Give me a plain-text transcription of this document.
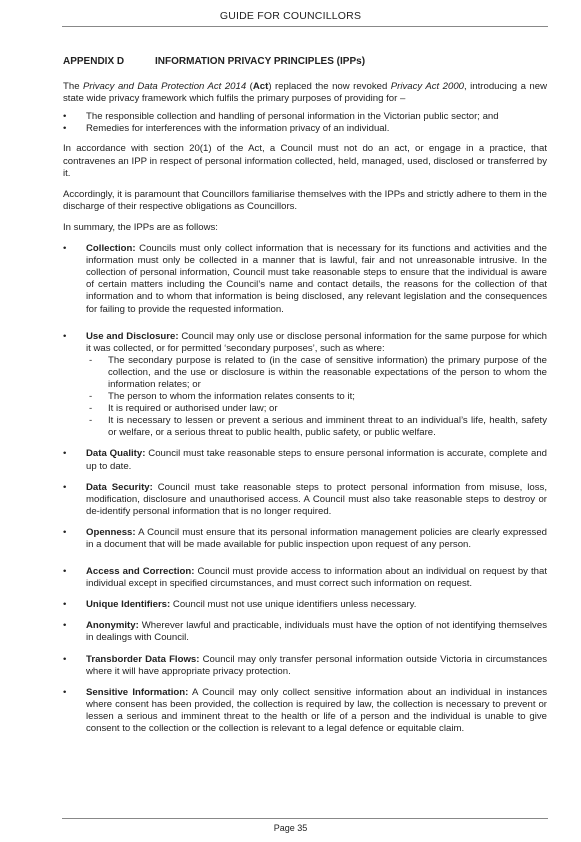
GUIDE FOR COUNCILLORS
APPENDIX D	INFORMATION PRIVACY PRINCIPLES (IPPs)

The Privacy and Data Protection Act 2014 (Act) replaced the now revoked Privacy Act 2000, introducing a new state wide privacy framework which fulfils the primary purposes of providing for –

• The responsible collection and handling of personal information in the Victorian public sector; and
• Remedies for interferences with the information privacy of an individual.

In accordance with section 20(1) of the Act, a Council must not do an act, or engage in a practice, that contravenes an IPP in respect of personal information collected, held, managed, used, disclosed or transferred by it.

Accordingly, it is paramount that Councillors familiarise themselves with the IPPs and strictly adhere to them in the discharge of their respective obligations as Councillors.

In summary, the IPPs are as follows:

• Collection: Councils must only collect information that is necessary for its functions and activities and the information must only be collected in a manner that is lawful, fair and not unreasonable intrusive. In the collection of personal information, Council must take reasonable steps to ensure that the individual is aware of certain matters including the Council’s name and contact details, the reasons for the collection of that information and to whom that information is being disclosed, any relevant legislation and the consequences for failing to provide the requested information.
• Use and Disclosure: Council may only use or disclose personal information for the same purpose for which it was collected, or for permitted ‘secondary purposes’, such as where:
- The secondary purpose is related to (in the case of sensitive information) the primary purpose of the collection, and the use or disclosure is within the reasonable expectations of the person to whom the information relates; or
- The person to whom the information relates consents to it;
- It is required or authorised under law; or
- It is necessary to lessen or prevent a serious and imminent threat to an individual’s life, health, safety or welfare, or a serious threat to public health, public safety, or public welfare.
• Data Quality: Council must take reasonable steps to ensure personal information is accurate, complete and up to date.
• Data Security: Council must take reasonable steps to protect personal information from misuse, loss, modification, disclosure and unauthorised access. A Council must also take reasonable steps to destroy or de-identify personal information that is no longer required.
• Openness: A Council must ensure that its personal information management policies are clearly expressed in a document that will be made available for public inspection upon request of any person.
• Access and Correction: Council must provide access to information about an individual on request by that individual except in specified circumstances, and must correct such information on request.
• Unique Identifiers: Council must not use unique identifiers unless necessary.
• Anonymity: Wherever lawful and practicable, individuals must have the option of not identifying themselves in dealings with Council.
• Transborder Data Flows: Council may only transfer personal information outside Victoria in circumstances where it will have appropriate privacy protection.
• Sensitive Information: A Council may only collect sensitive information about an individual in instances where consent has been provided, the collection is required by law, the collection is necessary to prevent or lessen a serious and imminent threat to the health or life of a person and the individual is unable to give consent to the collection or the collection is relevant to a legal defence or equitable claim.
Page 35
